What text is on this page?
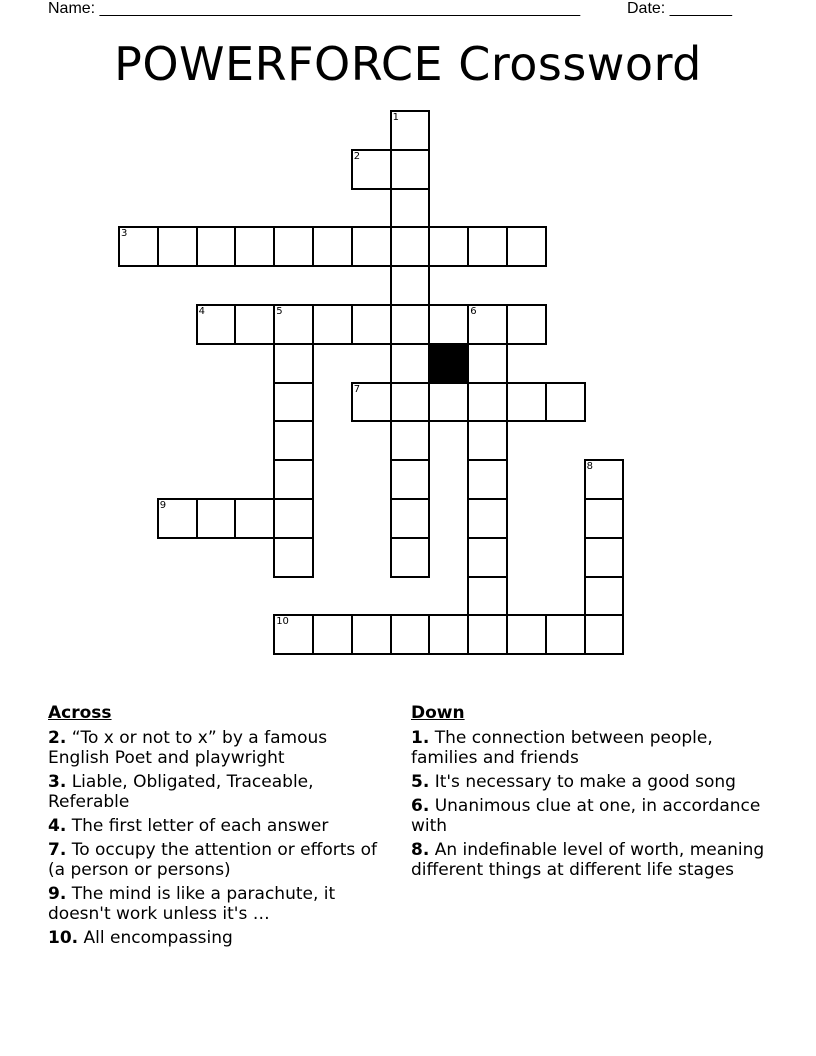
Name: ______________________________________________________	Date: _______
POWERFORCE Crossword
1
2
3
4	5	6
7
8
9
10
Across
2. “To x or not to x” by a famous English Poet and playwright
3. Liable, Obligated, Traceable, Referable
4. The first letter of each answer
7. To occupy the attention or efforts of (a person or persons)
9. The mind is like a parachute, it doesn't work unless it's …
10. All encompassing
Down
1. The connection between people, families and friends
5. It's necessary to make a good song
6. Unanimous clue at one, in accordance with
8. An indefinable level of worth, meaning different things at different life stages
